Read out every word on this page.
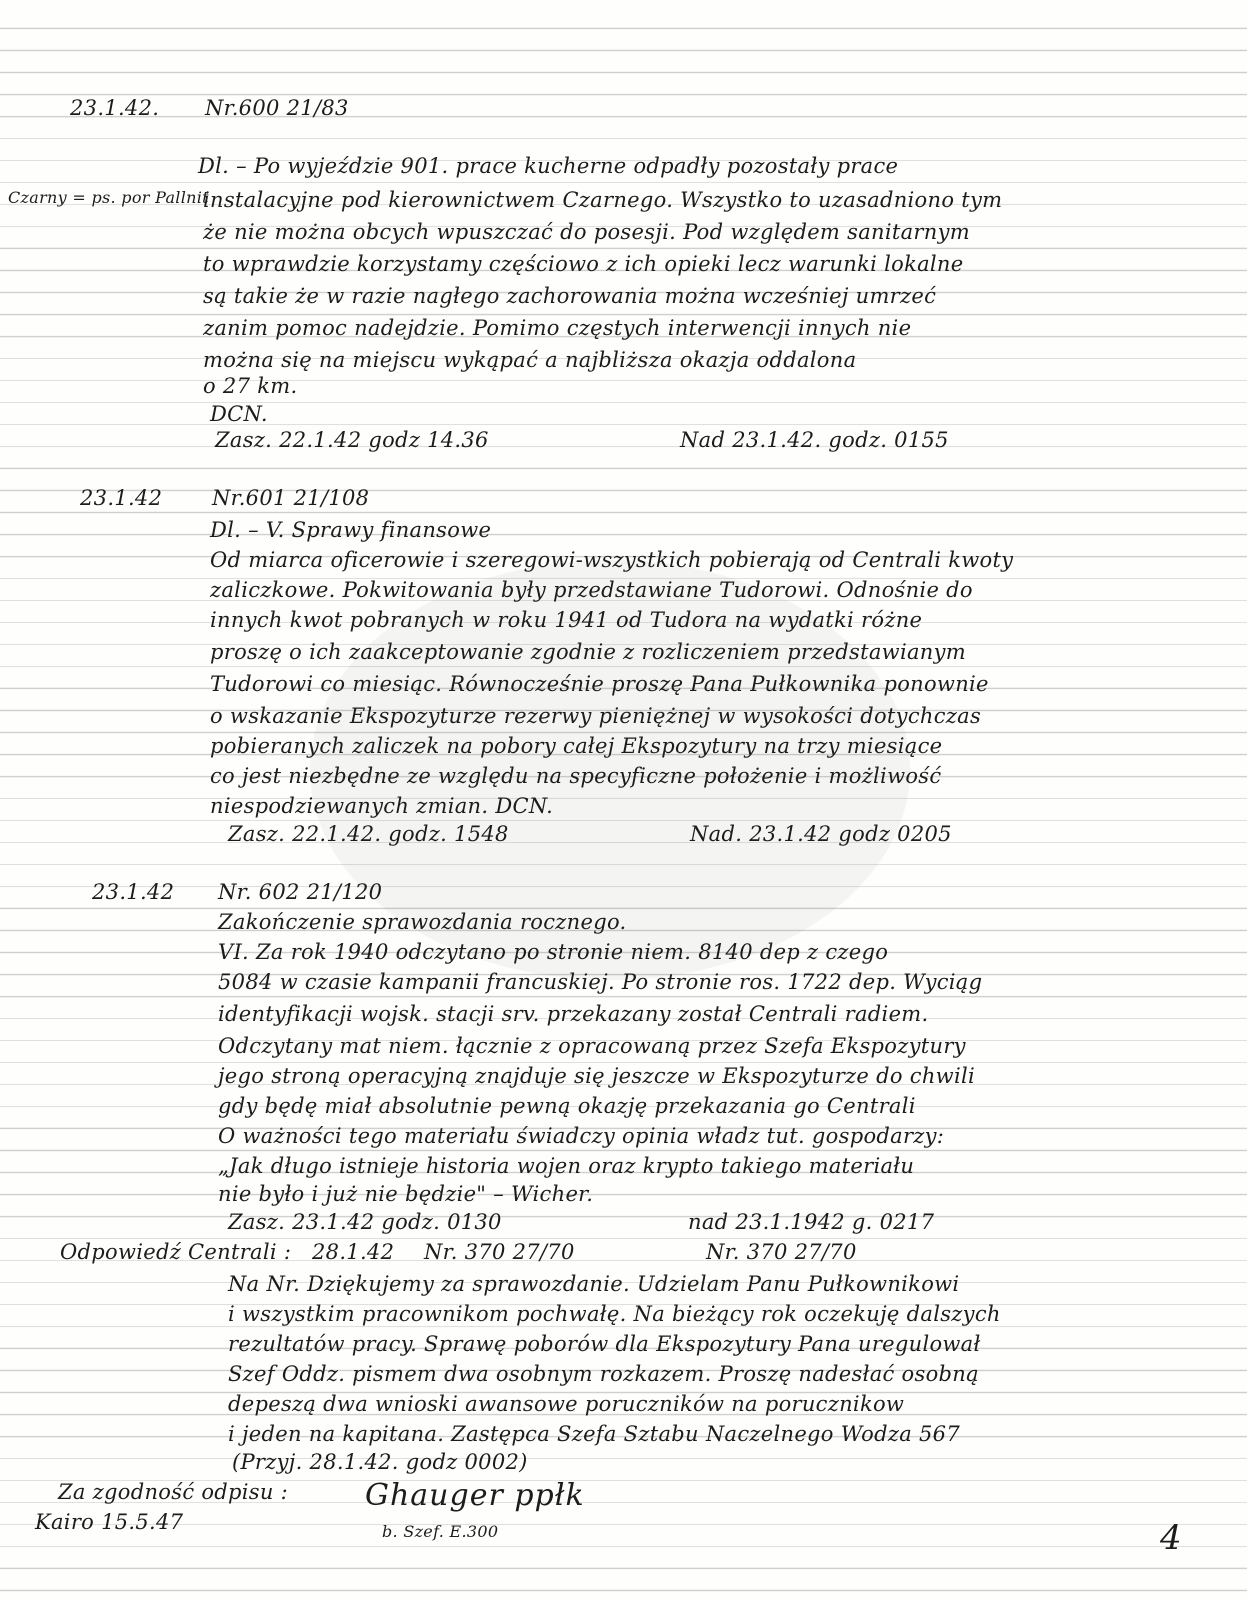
Czarny = ps. por Pallnit
23.1.42. Nr.600 21/83
Dl. – Po wyjeździe 901. prace kucherne odpadły pozostały prace
instalacyjne pod kierownictwem Czarnego. Wszystko to uzasadniono tym
że nie można obcych wpuszczać do posesji. Pod względem sanitarnym
to wprawdzie korzystamy częściowo z ich opieki lecz warunki lokalne
są takie że w razie nagłego zachorowania można wcześniej umrzeć
zanim pomoc nadejdzie. Pomimo częstych interwencji innych nie
można się na miejscu wykąpać a najbliższa okazja oddalona
o 27 km.
DCN.
Zasz. 22.1.42 godz 14.36	Nad 23.1.42. godz. 0155
23.1.42 Nr.601 21/108
Dl. – V. Sprawy finansowe
Od miarca oficerowie i szeregowi-wszystkich pobierają od Centrali kwoty
zaliczkowe. Pokwitowania były przedstawiane Tudorowi. Odnośnie do
innych kwot pobranych w roku 1941 od Tudora na wydatki różne
proszę o ich zaakceptowanie zgodnie z rozliczeniem przedstawianym
Tudorowi co miesiąc. Równocześnie proszę Pana Pułkownika ponownie
o wskazanie Ekspozyturze rezerwy pieniężnej w wysokości dotychczas
pobieranych zaliczek na pobory całej Ekspozytury na trzy miesiące
co jest niezbędne ze względu na specyficzne położenie i możliwość
niespodziewanych zmian. DCN.
Zasz. 22.1.42. godz. 1548	Nad. 23.1.42 godz 0205
23.1.42 Nr. 602 21/120
Zakończenie sprawozdania rocznego.
VI. Za rok 1940 odczytano po stronie niem. 8140 dep z czego
5084 w czasie kampanii francuskiej. Po stronie ros. 1722 dep. Wyciąg
identyfikacji wojsk. stacji srv. przekazany został Centrali radiem.
Odczytany mat niem. łącznie z opracowaną przez Szefa Ekspozytury
jego stroną operacyjną znajduje się jeszcze w Ekspozyturze do chwili
gdy będę miał absolutnie pewną okazję przekazania go Centrali
O ważności tego materiału świadczy opinia władz tut. gospodarzy:
„Jak długo istnieje historia wojen oraz krypto takiego materiału
nie było i już nie będzie" – Wicher.
Zasz. 23.1.42 godz. 0130	nad 23.1.1942 g. 0217
Odpowiedź Centrali : 28.1.42 Nr. 370 27/70	Nr. 370 27/70
Na Nr. Dziękujemy za sprawozdanie. Udzielam Panu Pułkownikowi
i wszystkim pracownikom pochwałę. Na bieżący rok oczekuję dalszych
rezultatów pracy. Sprawę poborów dla Ekspozytury Pana uregulował
Szef Oddz. pismem dwa osobnym rozkazem. Proszę nadesłać osobną
depeszą dwa wnioski awansowe poruczników na porucznikow
i jeden na kapitana. Zastępca Szefa Sztabu Naczelnego Wodza 567
(Przyj. 28.1.42. godz 0002)
Za zgodność odpisu :
Kairo 15.5.47
Ghauger ppłk
b. Szef. E.300	4
